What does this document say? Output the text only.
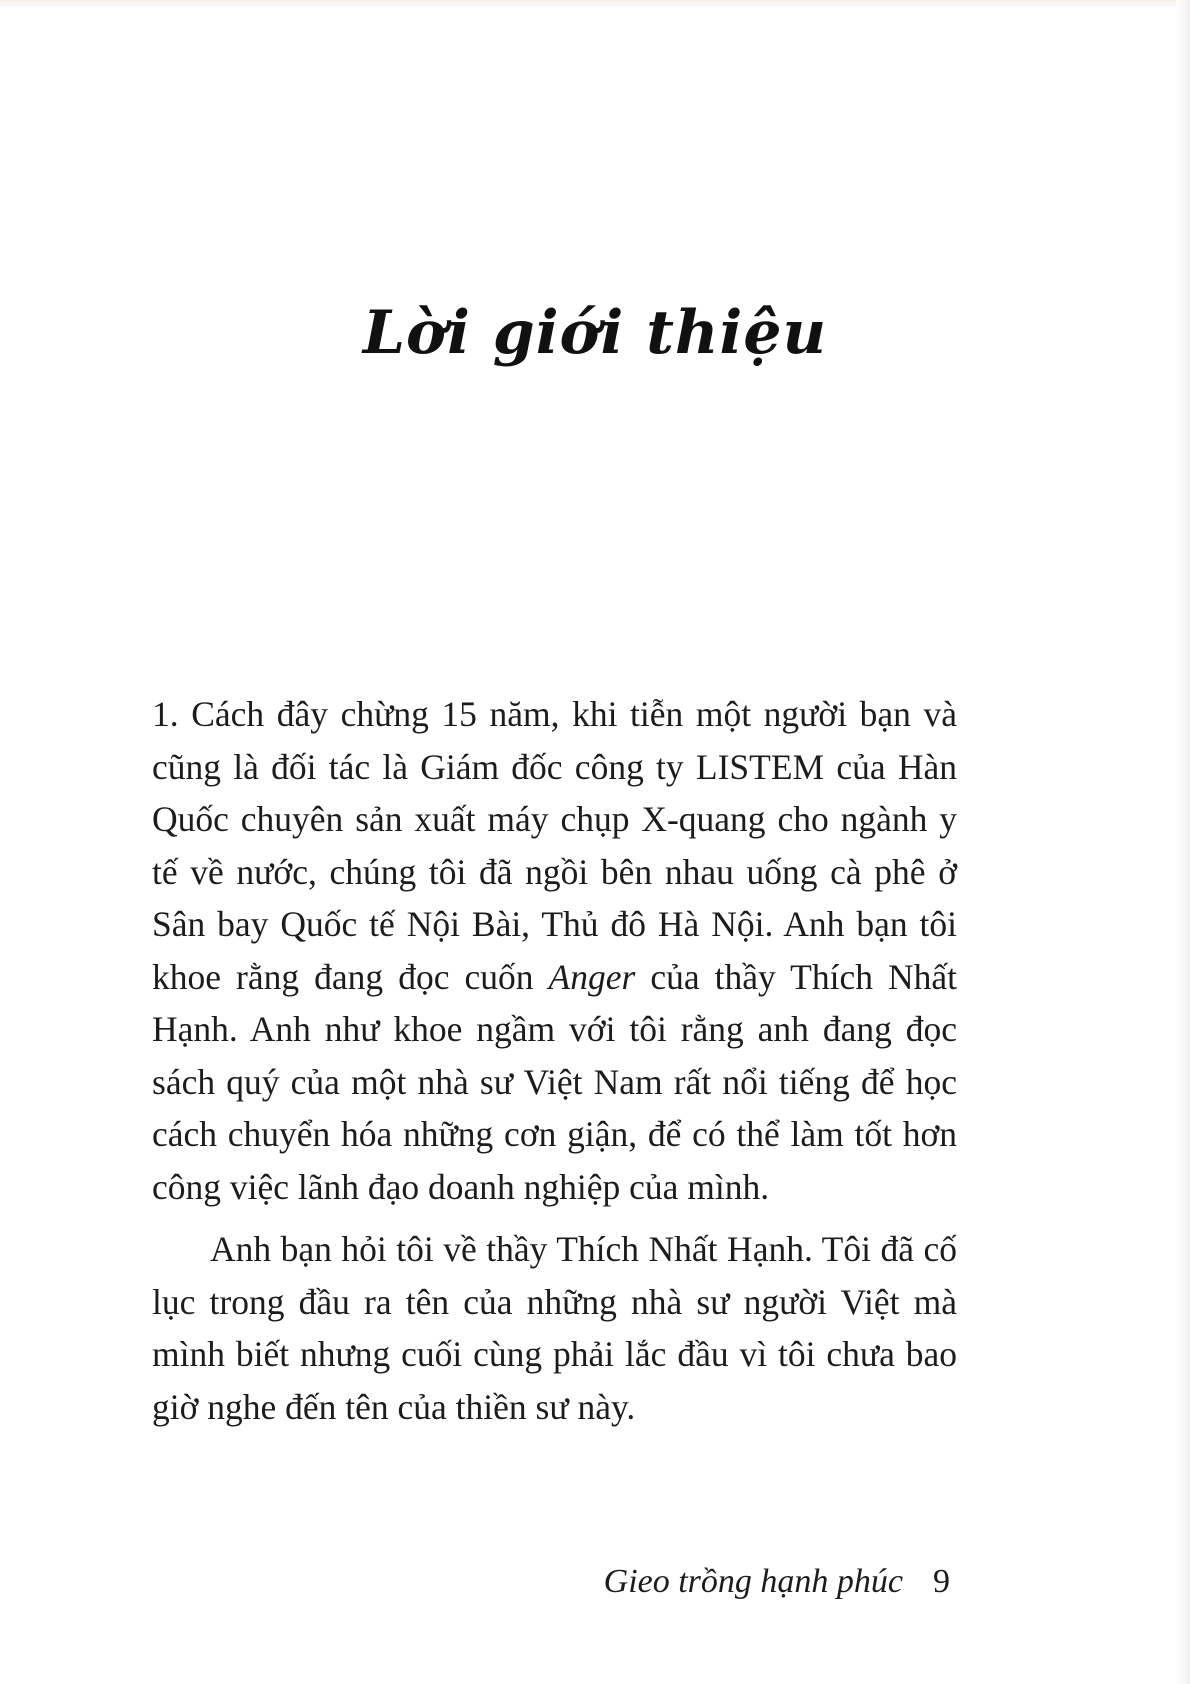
Lời giới thiệu

1. Cách đây chừng 15 năm, khi tiễn một người bạn và cũng là đối tác là Giám đốc công ty LISTEM của Hàn Quốc chuyên sản xuất máy chụp X-quang cho ngành y tế về nước, chúng tôi đã ngồi bên nhau uống cà phê ở Sân bay Quốc tế Nội Bài, Thủ đô Hà Nội. Anh bạn tôi khoe rằng đang đọc cuốn Anger của thầy Thích Nhất Hạnh. Anh như khoe ngầm với tôi rằng anh đang đọc sách quý của một nhà sư Việt Nam rất nổi tiếng để học cách chuyển hóa những cơn giận, để có thể làm tốt hơn công việc lãnh đạo doanh nghiệp của mình.

Anh bạn hỏi tôi về thầy Thích Nhất Hạnh. Tôi đã cố lục trong đầu ra tên của những nhà sư người Việt mà mình biết nhưng cuối cùng phải lắc đầu vì tôi chưa bao giờ nghe đến tên của thiền sư này.

Gieo trồng hạnh phúc 9
